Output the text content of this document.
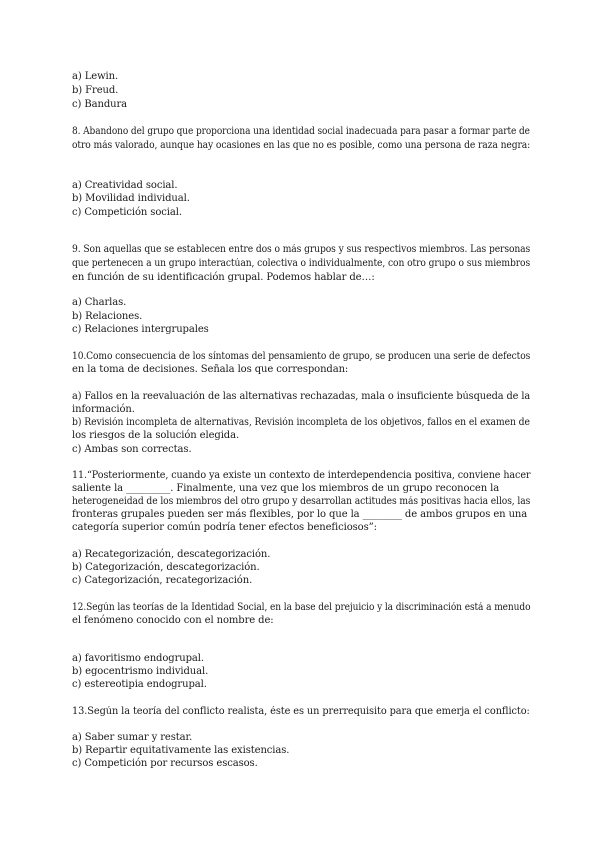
a) Lewin.
b) Freud.
c) Bandura
8. Abandono del grupo que proporciona una identidad social inadecuada para pasar a formar parte de
otro más valorado, aunque hay ocasiones en las que no es posible, como una persona de raza negra:
a) Creatividad social.
b) Movilidad individual.
c) Competición social.
9. Son aquellas que se establecen entre dos o más grupos y sus respectivos miembros. Las personas
que pertenecen a un grupo interactúan, colectiva o individualmente, con otro grupo o sus miembros
en función de su identificación grupal. Podemos hablar de…:
a) Charlas.
b) Relaciones.
c) Relaciones intergrupales
10.Como consecuencia de los síntomas del pensamiento de grupo, se producen una serie de defectos
en la toma de decisiones. Señala los que correspondan:
a) Fallos en la reevaluación de las alternativas rechazadas, mala o insuficiente búsqueda de la
información.
b) Revisión incompleta de alternativas, Revisión incompleta de los objetivos, fallos en el examen de
los riesgos de la solución elegida.
c) Ambas son correctas.
11.“Posteriormente, cuando ya existe un contexto de interdependencia positiva, conviene hacer
saliente la _________. Finalmente, una vez que los miembros de un grupo reconocen la
heterogeneidad de los miembros del otro grupo y desarrollan actitudes más positivas hacia ellos, las
fronteras grupales pueden ser más flexibles, por lo que la ________ de ambos grupos en una
categoría superior común podría tener efectos beneficiosos”:
a) Recategorización, descategorización.
b) Categorización, descategorización.
c) Categorización, recategorización.
12.Según las teorías de la Identidad Social, en la base del prejuicio y la discriminación está a menudo
el fenómeno conocido con el nombre de:
a) favoritismo endogrupal.
b) egocentrismo individual.
c) estereotipia endogrupal.
13.Según la teoría del conflicto realista, éste es un prerrequisito para que emerja el conflicto:
a) Saber sumar y restar.
b) Repartir equitativamente las existencias.
c) Competición por recursos escasos.
